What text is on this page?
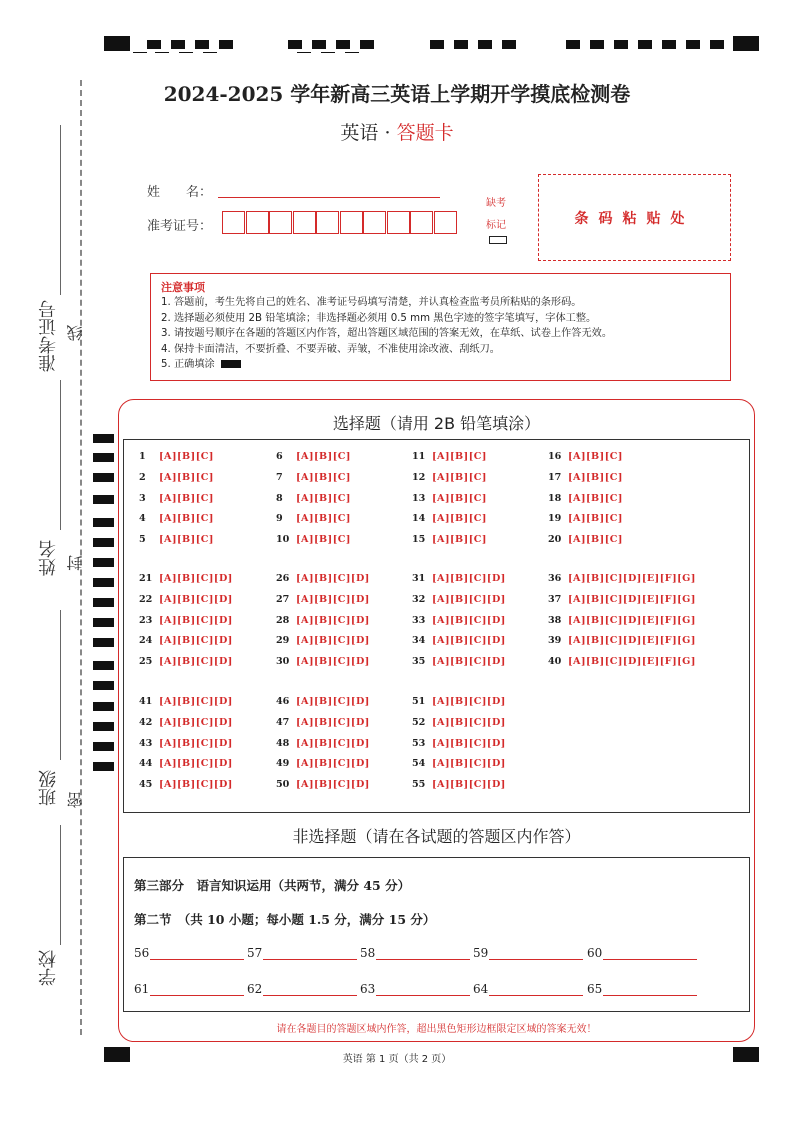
准考证号 线
姓名 封
班级 密
学校
2024-2025 学年新高三英语上学期开学摸底检测卷
英语 · 答题卡
姓　　名：
准考证号：
缺考
标记	条码粘贴处
注意事项
1. 答题前，考生先将自己的姓名、准考证号码填写清楚，并认真检查监考员所粘贴的条形码。
2. 选择题必须使用 2B 铅笔填涂；非选择题必须用 0.5 mm 黑色字迹的签字笔填写，字体工整。
3. 请按题号顺序在各题的答题区内作答，超出答题区域范围的答案无效，在草纸、试卷上作答无效。
4. 保持卡面清洁，不要折叠、不要弄破、弄皱，不准使用涂改液、刮纸刀。
5. 正确填涂
选择题（请用 2B 铅笔填涂）
1 [A][B][C]
2 [A][B][C]
3 [A][B][C]
4 [A][B][C]
5 [A][B][C]
6 [A][B][C]
7 [A][B][C]
8 [A][B][C]
9 [A][B][C]
10 [A][B][C]
11 [A][B][C]
12 [A][B][C]
13 [A][B][C]
14 [A][B][C]
15 [A][B][C]
16 [A][B][C]
17 [A][B][C]
18 [A][B][C]
19 [A][B][C]
20 [A][B][C]
21 [A][B][C][D]
22 [A][B][C][D]
23 [A][B][C][D]
24 [A][B][C][D]
25 [A][B][C][D]
26 [A][B][C][D]
27 [A][B][C][D]
28 [A][B][C][D]
29 [A][B][C][D]
30 [A][B][C][D]
31 [A][B][C][D]
32 [A][B][C][D]
33 [A][B][C][D]
34 [A][B][C][D]
35 [A][B][C][D]
36 [A][B][C][D][E][F][G]
37 [A][B][C][D][E][F][G]
38 [A][B][C][D][E][F][G]
39 [A][B][C][D][E][F][G]
40 [A][B][C][D][E][F][G]
41 [A][B][C][D]
42 [A][B][C][D]
43 [A][B][C][D]
44 [A][B][C][D]
45 [A][B][C][D]
46 [A][B][C][D]
47 [A][B][C][D]
48 [A][B][C][D]
49 [A][B][C][D]
50 [A][B][C][D]
51 [A][B][C][D]
52 [A][B][C][D]
53 [A][B][C][D]
54 [A][B][C][D]
55 [A][B][C][D]
非选择题（请在各试题的答题区内作答）
第三部分　语言知识运用（共两节，满分 45 分）
第二节　（共 10 小题；每小题 1.5 分，满分 15 分）
56	57	58	59	60
61	62	63	64	65
请在各题目的答题区域内作答，超出黑色矩形边框限定区域的答案无效！
英语 第 1 页（共 2 页）
